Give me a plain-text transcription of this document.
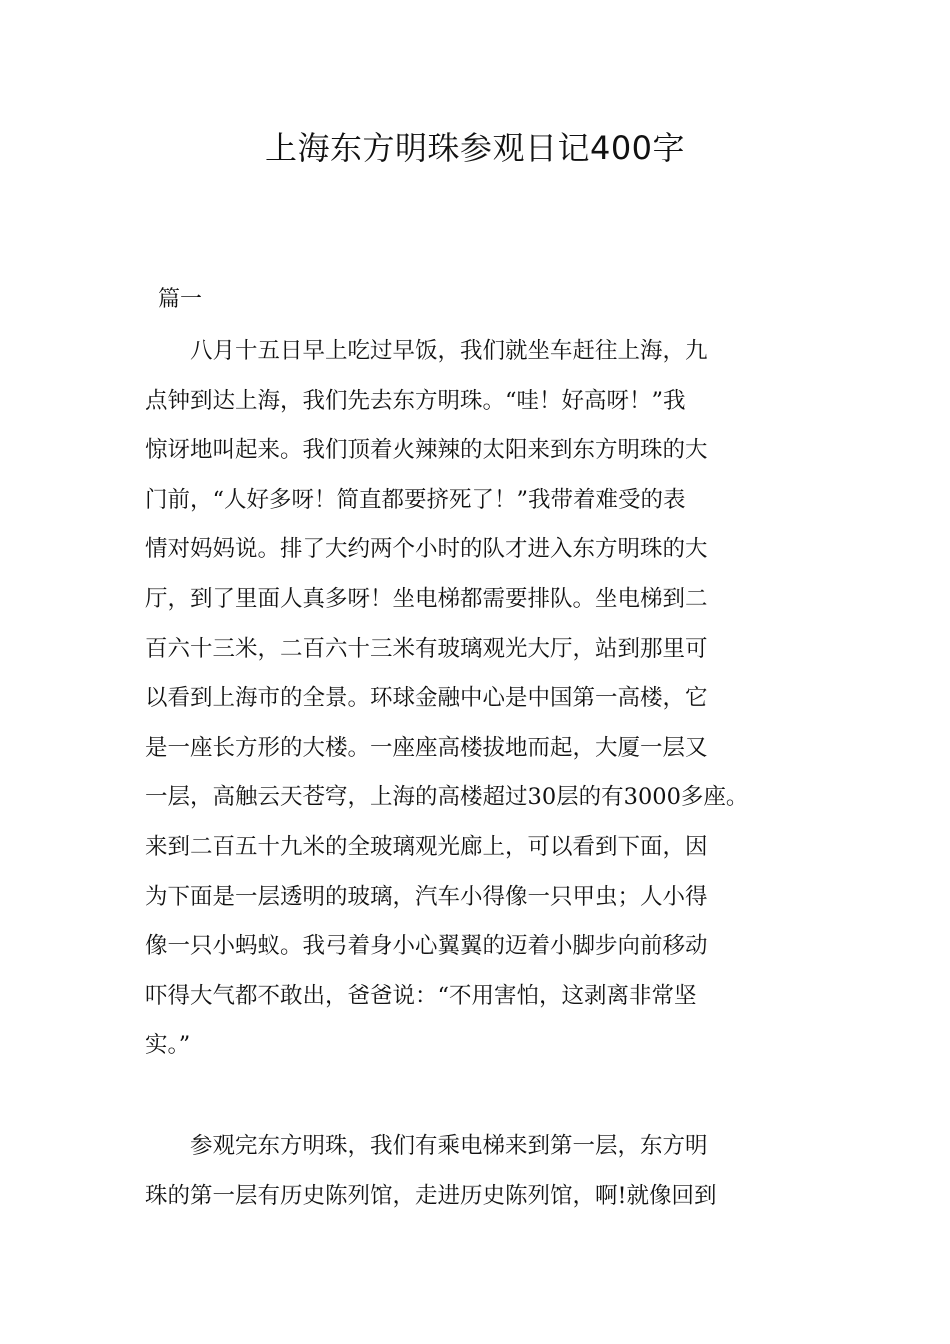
上海东方明珠参观日记400字
篇一
　　八月十五日早上吃过早饭，我们就坐车赶往上海，九
点钟到达上海，我们先去东方明珠。“哇！好高呀！”我
惊讶地叫起来。我们顶着火辣辣的太阳来到东方明珠的大
门前，“人好多呀！简直都要挤死了！”我带着难受的表
情对妈妈说。排了大约两个小时的队才进入东方明珠的大
厅，到了里面人真多呀！坐电梯都需要排队。坐电梯到二
百六十三米，二百六十三米有玻璃观光大厅，站到那里可
以看到上海市的全景。环球金融中心是中国第一高楼，它
是一座长方形的大楼。一座座高楼拔地而起，大厦一层又
一层，高触云天苍穹，上海的高楼超过30层的有3000多座。
来到二百五十九米的全玻璃观光廊上，可以看到下面，因
为下面是一层透明的玻璃，汽车小得像一只甲虫；人小得
像一只小蚂蚁。我弓着身小心翼翼的迈着小脚步向前移动
吓得大气都不敢出，爸爸说：“不用害怕，这剥离非常坚
实。”
　　参观完东方明珠，我们有乘电梯来到第一层，东方明
珠的第一层有历史陈列馆，走进历史陈列馆，啊!就像回到
